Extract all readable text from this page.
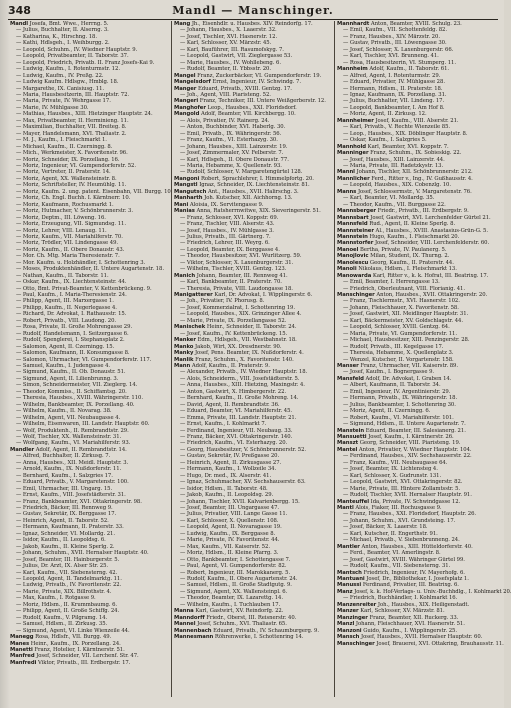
348	Mandl — Manschinger.
Mandl Josefa, Bmt. Wwe., Herrng. 5.
— Julius, Buchhalter, II. Alserng. 3.
— Katharina, K., Hirschng. 18.
— Kathi, Hdlsgeh., I. Weihburgg. 2.
— Leopold, Schuhm., IV. Wiedner Hauptstr. 9.
— Leopold, Privatbeamter, II. Taborstr. 37.
— Leopold, Friedrich, Privatb. II. Franz Josefs-Kai 9.
— Ludwig, Kaufm., I. Rotenturmstr. 12.
— Ludwig, Kaufm., IV. Preßg. 22.
— Ludwig Kaufm. Hdlsgw., Hmblg. 18.
— Margarethe, IX. Canisiusg. 11.
— Maria, Hausbesitzerin, III. Hauptstr. 72.
— Maria, Private, IV. Wehrgasse 17.
— Marie, IV. Mühlgasse 30.
— Mathias, Hausbes., XIII. Hietzinger Hauptstr. 24.
— Max, Privatbeamter, II. Herminieng. 11.
— Maximilian, Buchhalter, VII. Breiteg. 8.
— Mayer, Handelsmann, XVI. Thaliastr. 2.
— M. J., Kaufm., I. Fleischmarkt 1.
— Michael, Kaufm., II. Czerningg. 8.
— Mich., Werkmeister, X. Favoritenstr. 96.
— Moriz, Schneider, IX. Porzellang. 16.
— Moriz, Ingenieur, VI. Gumpendorferstr. 52.
— Moriz, Vertreter, II. Praterstr. 14.
— Moriz, Agent, XX. Wallensteinstr. 8.
— Moriz, Schriftsteller, IV. Heumühlg. 11.
— Moriz, Kaufm. 2. ung. patent. Eisenbahn, VII. Burgg. 10.
— Moriz, Ch. Engl. Buchh. I. Kärntnerr. 10.
— Moriz, Kaufmann, Rochusmarkt 1.
— Moriz, Hutmacher, V. Schönbrunnerstr. 3.
— Moriz, Deptm., III. Löweng. 16.
— Moriz, Erzeugung, VII. Sigmundsg. 11.
— Moriz, Lehrer, VIII. Lenaug. 11.
— Moriz, Kaufm., VII. Mariahilferstr. 70.
— Moriz, Trödler, VII. Lindengasse 49.
— Moriz, Kaufm., II. Obere Donaustr. 43.
— Mor. Ch. Mtg. Maria Theresienstr. 7.
— Mor. Kaufm. u. Holzhändler, I. Schottenring 3.
— Moses, Produktenhändler, II. Untere Augartenstr. 18.
— Nathan, Kaufm., II. Taborstr. 11.
— Oskar, Kaufm., IX. Liechtensteinstr. 44.
— Otto, Bmt. Privat-Beamter, V. Kettenbrückeng. 9.
— Paul, Kaufm., I. Maria-Theresienstr. 24.
— Philipp, Agent, III. Marxergasse 1.
— Philipp, Kaufm., II. Negerlegasse 4.
— Richard, Dr. Advokat, I. Rathausstr. 15.
— Robert, Privatb., VIII. Laudong. 20.
— Rosa, Private, II. Große Mohrengasse 29.
— Rudolf, Handelsmann, I. Seitzergasse 6.
— Rudolf, Spenglerei, I. Stephansplatz 2.
— Salomon, Agent, II. Czerningg. 15.
— Salomon, Kaufmann, II. Konsumgasse 8.
— Salomon, Uhrmacher, VI. Gumpendorferstr. 117.
— Samuel, Kaufm., I. Judengasse 4.
— Sigmund, Kaufm., II. Ob. Donaustr. 51.
— Sigmund, Agent, II. Lilienbrunng. 3.
— Simon, Schneidermeister, VII. Zieglerg. 14.
— Theodor, Kommiss., II. Schiffamtsg. 20.
— Theresia, Hausbes., XVIII. Währingerstr. 110.
— Wilhelm, Bankbeamter, IX. Porzellang. 40.
— Wilhelm, Kaufm., II. Novarag. 38.
— Wilhelm, Agent, VII. Neubaugasse 4.
— Wilhelm, Eisenwaren, III. Landstr. Hauptstr. 60.
— Wolf, Produktenh., II. Rembrandtstr. 29.
— Wolf, Tischler, XX. Wallensteinstr. 31.
— Wolfgang, Kaufm., VI. Mariahilferstr. 93.
Mandler Adolf, Agent, II. Rembrandtstr. 14.
— Alfred, Buchhalter, II. Zirkusg. 7.
— Anna, Hausbes., XII. Meidl. Hauptstr. 3.
— Arnold, Kaufm., IX. Nußdorferstr. 11.
— Bernhard, Kaufm., I. Salzgries 17.
— Eduard, Privatb., V. Margaretenstr. 100.
— Emil, Uhrmacher, III. Ungarg. 15.
— Ernst, Kaufm., VIII. Josefstädterstr. 31.
— Franz, Bankbeamter, XVI. Ottakringerstr. 98.
— Friedrich, Bäcker, III. Rennweg 9.
— Gustav, Sekretär, IX. Berggasse 17.
— Heinrich, Agent, II. Taborstr. 52.
— Hermann, Kaufmann, II. Praterstr. 33.
— Ignaz, Schneider, VI. Mollardg. 21.
— Isidor, Kaufm., II. Leopoldsg. 6.
— Jakob, Kaufm., II. Kleine Sperlg. 2.
— Johann, Schuhm., XVII. Hernalser Hauptstr. 40.
— Josef, Beamter, III. Hainburgerstr. 5.
— Julius, Dr. Arzt, IX. Alser Str. 25.
— Karl, Kaufm., VII. Siebensterng. 42.
— Leopold, Agent, II. Tandelmarktg. 11.
— Ludwig, Privatb., IV. Favoritenstr. 22.
— Marie, Private, XIX. Billrothstr. 4.
— Max, Kaufm., I. Rotgasse 9.
— Moriz, Hdlsm., II. Krummbaumg. 6.
— Philipp, Agent, II. Große Schiffg. 24.
— Rudolf, Kaufm., V. Pilgramg. 14.
— Samuel, Hdlsm., II. Zirkusg. 35.
— Sigmund, Agent, VI. Linke Wienzeile 44.
Manegg Rosa, Hdlsfr., VII. Burgg. 49.
Manes Heinr., Kaufm., IX. Porzellang. 24.
Manetti Franz, Hotelier, I. Kärntnerstr. 51.
Manfred Josef, Schneider, VII. Lerchenf. Str. 47.
Manfredi Viktor, Privatb., III. Erdbergstr. 17.
Mang Jh., Eisenhdlr. u. Hausbes. XIV. Reindorfg. 17.
— Johann, Hausbes., X. Laaerstr. 32.
— Josef, Tischler, XVI. Hasnerstr. 12.
— Karl, Schlosser, XV. Märzstr. 45.
— Karl, Bauführer, III. Rasumofskyg. 7.
— Leopold, Gastwirt, VII. Zieglergasse 53.
— Marie, Hausbes., IV. Wohllebeng. 6.
— Rudolf, Beamter, II. Ybbsstr. 20.
Mangel Franz, Zuckerbäcker, VI. Gumpendorferstr. 19.
Mangelsdorf Ernst, Ingenieur, IV. Schwindg. 7.
Manger Eduard, Privatb., XVIII. Gentzg. 17.
— Joh., Agent, VIII. Piaristeng. 52.
Mangeri Franz, Techniker, III. Untere Weißgerberstr. 12.
Manghofer Leop., Hausbes., XXI. Floridsdorf.
Mangold Adolf, Beamter, VII. Kirchbergg. 10.
— Alois, Privatier, IV. Rainerg. 24.
— Anton, Buchbinder, XVI. Haberlg. 30.
— Emil, Privatb., IX. Währingerstr. 56.
— Franz, Kaufm., VI. Esterhazyg. 30.
— Johann, Hausbes., XIII. Lainzerstr. 19.
— Josef, Zimmermaler, XV. Felberstr. 7.
— Karl, Hdlsgeh., II. Obere Donaustr. 77.
— Maria, Hebamme, X. Quellenstr. 93.
— Rudolf, Schlosser, V. Margaretengürtel 128.
Mangoni Robert, Sprachlehrer, I. Himmelpfortg. 20.
Mangstl Ignaz, Schneider, IX. Liechtensteinstr. 81.
Mangutsch Ant., Hausbes., XVII. Halirschg. 3.
Manharth Joh. Kutscher, XII. Aichhorng. 13.
Mani Aloisia, IX. Servitengasse 9.
Manias Anna, Ratsherrnwitwe, XIX. Sieveringerstr. 51.
— Franz, Schlosser, XVI. Koppstr. 69.
— Franz, Tischler, VIII. Alserstr. 43.
— Josef, Hausbes., IV. Mühlgasse 3.
— Julius, Privatb., III. Gärtnerg. 7.
— Friedrich, Lehrer, III. Weyrg. 6.
— Leopold, Beamter, IX. Berggasse 4.
— Theodor, Hausbesitzer, XVI. Wurlitzerg. 59.
— Viktor, Schlosser, X. Laxenburgerstr. 31.
— Wilhelm, Tischler, XVIII. Gentzg. 123.
Manich Johann, Beamter, III. Rennweg 41.
— Karl, Bankbeamter, II. Praterstr. 70.
— Theresia, Private, VIII. Laudongasse 18.
Manigatterer Karl, Dr. Advokat, I. Wipplingerstr. 6.
— Joh., Privatier, IV. Phorusg. 8.
— Josef, Kommerzialrat, I. Schottenring 19.
— Leopold, Hausbes., XIX. Grinzinger Allee 4.
— Marie, Private, IX. Porzellangasse 52.
Manischek Heinr., Schneider, II. Taborstr. 24.
— Josef, Kaufm., IV. Kettenbrückeng. 15.
Manker Edm., Hdlsgeh., VII. Westbahnstr. 18.
Manko Jakob, Wirt, XX. Dresdnerstr. 90.
Manky Josef, Pens. Beamter, IX. Nußdorferstr. 4.
Manlik Franz, Schuhm., X. Favoritenstr. 140.
Mann Adolf, Kaufm., II. Praterstr. 9.
— Alexander, Privatb., IV. Wiedner Hauptstr. 18.
— Alois, Schneiderm., VIII. Josefstädterstr. 5.
— Anna, Hausbes., XIII. Hietzing, Maxingstr. 4.
— Anton, Gastwirt, X. Himbergerstr. 22.
— Bernhard, Kaufm., II. Große Mohreng. 14.
— David, Agent, II. Rembrandtstr. 36.
— Eduard, Beamter, VI. Mariahilferstr. 45.
— Emma, Private, III. Landstr. Hauptstr. 21.
— Ernst, Kaufm., I. Kohlmarkt 7.
— Ferdinand, Ingenieur, VII. Neubaug. 33.
— Franz, Bäcker, XVI. Ottakringerstr. 140.
— Friedrich, Kaufm., VI. Esterhazyg. 20.
— Georg, Hausbesitzer, V. Schönbrunnerstr. 52.
— Gustav, Sekretär, IV. Preßgasse 20.
— Heinrich, Agent, II. Zirkusgasse 27.
— Hermann, Kaufm., I. Wollzeile 34.
— Hugo, Dr. med., IX. Alserstr. 41.
— Ignaz, Schuhmacher, XV. Sechshauserstr. 63.
— Isidor, Hdlsm., II. Taborstr. 48.
— Jakob, Kaufm., II. Leopoldsg. 29.
— Johann, Tischler, XVII. Kalvarienbergg. 15.
— Josef, Beamter, III. Ungargasse 47.
— Julius, Privatier, VIII. Lange Gasse 11.
— Karl, Schlosser, X. Quellenstr. 108.
— Leopold, Agent, II. Novaragasse 19.
— Ludwig, Kaufm., IX. Berggasse 8.
— Marie, Private, IV. Favoritenstr. 44.
— Max, Kaufm., VII. Kaiserstr. 52.
— Moriz, Hdlsm., II. Kleine Pfarrg. 3.
— Otto, Bankbeamter, I. Schottengasse 7.
— Paul, Agent, VI. Gumpendorferstr. 82.
— Robert, Ingenieur, III. Marokkanerg. 5.
— Rudolf, Kaufm., II. Obere Augartenstr. 24.
— Samuel, Hdlsm., II. Große Stadtgutg. 9.
— Sigmund, Agent, XX. Wallensteinpl. 6.
— Theodor, Beamter, IX. Lazarettg. 14.
— Wilhelm, Kaufm., I. Tuchlauben 17.
Manna Karl, Gastwirt, XV. Reindorfg. 22.
Manndorff Friedr., Oberst, III. Reisnerstr. 40.
Mannel Josef, Schuhm., XVI. Thaliastr. 65.
Mannenbach Eduard, Privatb., IV. Schaumburgerg. 9.
Mannesmann Röhrenwerke, I. Schottenring 14.
Mannhardt Anton, Beamter, XVIII. Schulg. 23.
— Emil, Kaufm., VII. Schottenfeldg. 82.
— Franz, Hausbes., XIV. Märzstr. 20.
— Gustav, Privatb., III. Löwengasse 30.
— Josef, Schlosser, X. Laxenburgerstr. 66.
— Karl, Tischler, XVI. Brunneng. 41.
— Rosa, Hausbesitzerin, VI. Stumperg. 11.
Mannheim Adolf, Kaufm., II. Taborstr. 61.
— Alfred, Agent, I. Rotenturmstr. 29.
— Eduard, Privatier, IV. Mühlgasse 28.
— Hermann, Hdlsm., II. Praterstr. 18.
— Ignaz, Kaufmann, IX. Porzellang. 31.
— Julius, Buchhalter, VII. Lindeng. 17.
— Leopold, Bankbeamter, I. Am Hof 8.
— Moriz, Agent, II. Zirkusg. 12.
Mannheimer Josef, Kaufm., VIII. Alserstr. 21.
— Karl, Privatb., V. Rechte Wienzeile 85.
— Leop., Hausbes., XIX. Döblinger Hauptstr. 8.
— Oskar, Kaufm., I. Salzgries 5.
Mannhold Karl, Beamter, XVI. Koppstr. 7.
Manninger Franz, Schuhm., IX. Sobieskig. 22.
— Josef, Hausbes., XIII. Lainzerstr. 44.
— Maria, Private, III. Radetzkystr. 13.
Mannl Johann, Tischler, XII. Schönbrunnerstr. 212.
Mannlicher Ferd., Ritter v., Ing., IV. Gußhausstr. 4.
— Leopold, Hausbes., XIX. Cobenzlg. 10.
Manns Josef, Schlossermstr., V. Margaretenstr. 76.
— Karl, Beamter, VI. Mollardg. 35.
— Theodor, Kaufm., VII. Burggasse 22.
Mannsberger Friedr., Privatb., III. Erdbergstr. 9.
Mannsbart Josef, Gastwirt, XVI. Lerchenfelder Gürtel 21.
Mannsfeld Rud., Agent, II. Kleine Sperlg. 8.
Mannsteiner Al., Hausbes., XVIII. Anastasius-Grün-G. 5.
Mannstein Hugo, Kaufm., I. Fleischmarkt 20.
Mannstorfer Josef, Schneider, VIII. Lerchenfelderstr. 60.
Manoel Bertha, Private, IV. Paulanerg. 5.
Manojlovic Milan, Student, IX. Thurng. 2.
Manolescu Georg, Kaufm., II. Praterstr. 44.
Manoli Nikolaus, Hdlsm., I. Fleischmarkt 13.
Manowarda Karl, Ritter v., k. k. Hofrat, III. Beatrixg. 17.
— Emil, Beamter, I. Herrengasse 13.
— Friedrich, Oberleutnant, VIII. Florianig. 41.
Manschinger Anton, Hausbes., XVII. Ottakringerstr. 20.
— Franz, Tischlermstr., XVI. Hasnerstr. 102.
— Johann, Fleischhauer, X. Favoritenstr. 58.
— Josef, Gastwirt, XII. Meidlinger Hauptstr. 31.
— Karl, Bäckermeister, XV. Goldschlagstr. 44.
— Leopold, Schlosser, XVIII. Gentzg. 64.
— Maria, Private, VI. Gumpendorferstr. 11.
— Michael, Hausbesitzer, XIII. Penzingerstr. 28.
— Rudolf, Privatb., III. Kegelgasse 17.
— Theresia, Hebamme, X. Quellenplatz 3.
— Wenzel, Kutscher, II. Vorgartenstr. 158.
Manser Franz, Uhrmacher, VII. Kaiserstr. 89.
— Josef, Kaufm., I. Bognergasse 9.
Mansfeld Adolf, Dr. Advokat, I. Graben 14.
— Albert, Kaufmann, II. Taborstr. 34.
— Emil, Ingenieur, IV. Argentinierstr. 29.
— Hermann, Privatb., IX. Währingerstr. 18.
— Julius, Bankbeamter, I. Schottenring 30.
— Moriz, Agent, II. Czerningg. 6.
— Robert, Kaufm., VI. Mariahilferstr. 101.
— Sigmund, Hdlsm., II. Untere Augartenstr. 7.
Manstein Eduard, Beamter, III. Salesianerg. 21.
Mansuetti Josef, Kaufm., I. Kärntnerstr. 26.
Manszt Georg, Schneider, VIII. Piaristeng. 19.
Mantel Anton, Privatier, V. Wiedner Hauptstr. 104.
— Ferdinand, Hausbes., XIV. Sechshauserstr. 22.
— Franz, Kaufm., VII. Neubaugasse 64.
— Josef, Beamter, IX. Lichtensteg 4.
— Karl, Schlosser, X. Gudrunstr. 131.
— Leopold, Gastwirt, XVI. Ottakringerstr. 82.
— Marie, Private, III. Hintere Zollamtsstr. 5.
— Rudolf, Tischler, XVII. Hernalser Hauptstr. 91.
Manteuffel Ida, Private, IV. Schwindgasse 12.
Mantl Alois, Fiaker, III. Rochusgasse 9.
— Franz, Hausbes., XXI. Floridsdorf, Hauptstr. 26.
— Johann, Schuhm., XVI. Grundsteing. 17.
— Josef, Bäcker, X. Laaerstr. 18.
— Karl, Kutscher, II. Engerthstr. 91.
— Michael, Privatb., V. Siebenbrunneng. 24.
Mantler Anton, Hausbes., XIII. Hütteldorferstr. 40.
— Ferd., Beamter, VI. Amerlingstr. 8.
— Josef, Gastwirt, XVIII. Währinger Gürtel 99.
— Rudolf, Kaufm., VII. Siebensterng. 31.
Mantsch Friedrich, Ingenieur, IV. Mayerhofg. 6.
Mantuani Josef, Dr., Bibliothekar, I. Josefsplatz 1.
Manussi Ferdinand, Privatier, III. Beatrixg. 6.
Manz Josef, k. k. Hof-Verlags- u. Univ.-Buchhdlg., I. Kohlmarkt 20.
— Friedrich, Buchhändler, I. Kohlmarkt 16.
Manzenreiter Joh., Hausbes., XIX. Heiligenstadt.
Manzer Karl, Schlosser, XV. Märzstr. 81.
Manzinger Franz, Beamter, XII. Ruckerg. 33.
Manzl Johann, Fleischhauer, XVI. Hasnerstr. 51.
Manzoni Guido, Kaufm., I. Wipplingerstr. 25.
Mansch Josef, Hausbes., XVII. Hernalser Hauptstr. 60.
Manschinger Josef, Brauerei, XVI. Ottakring, Brauhausstr. 11.
